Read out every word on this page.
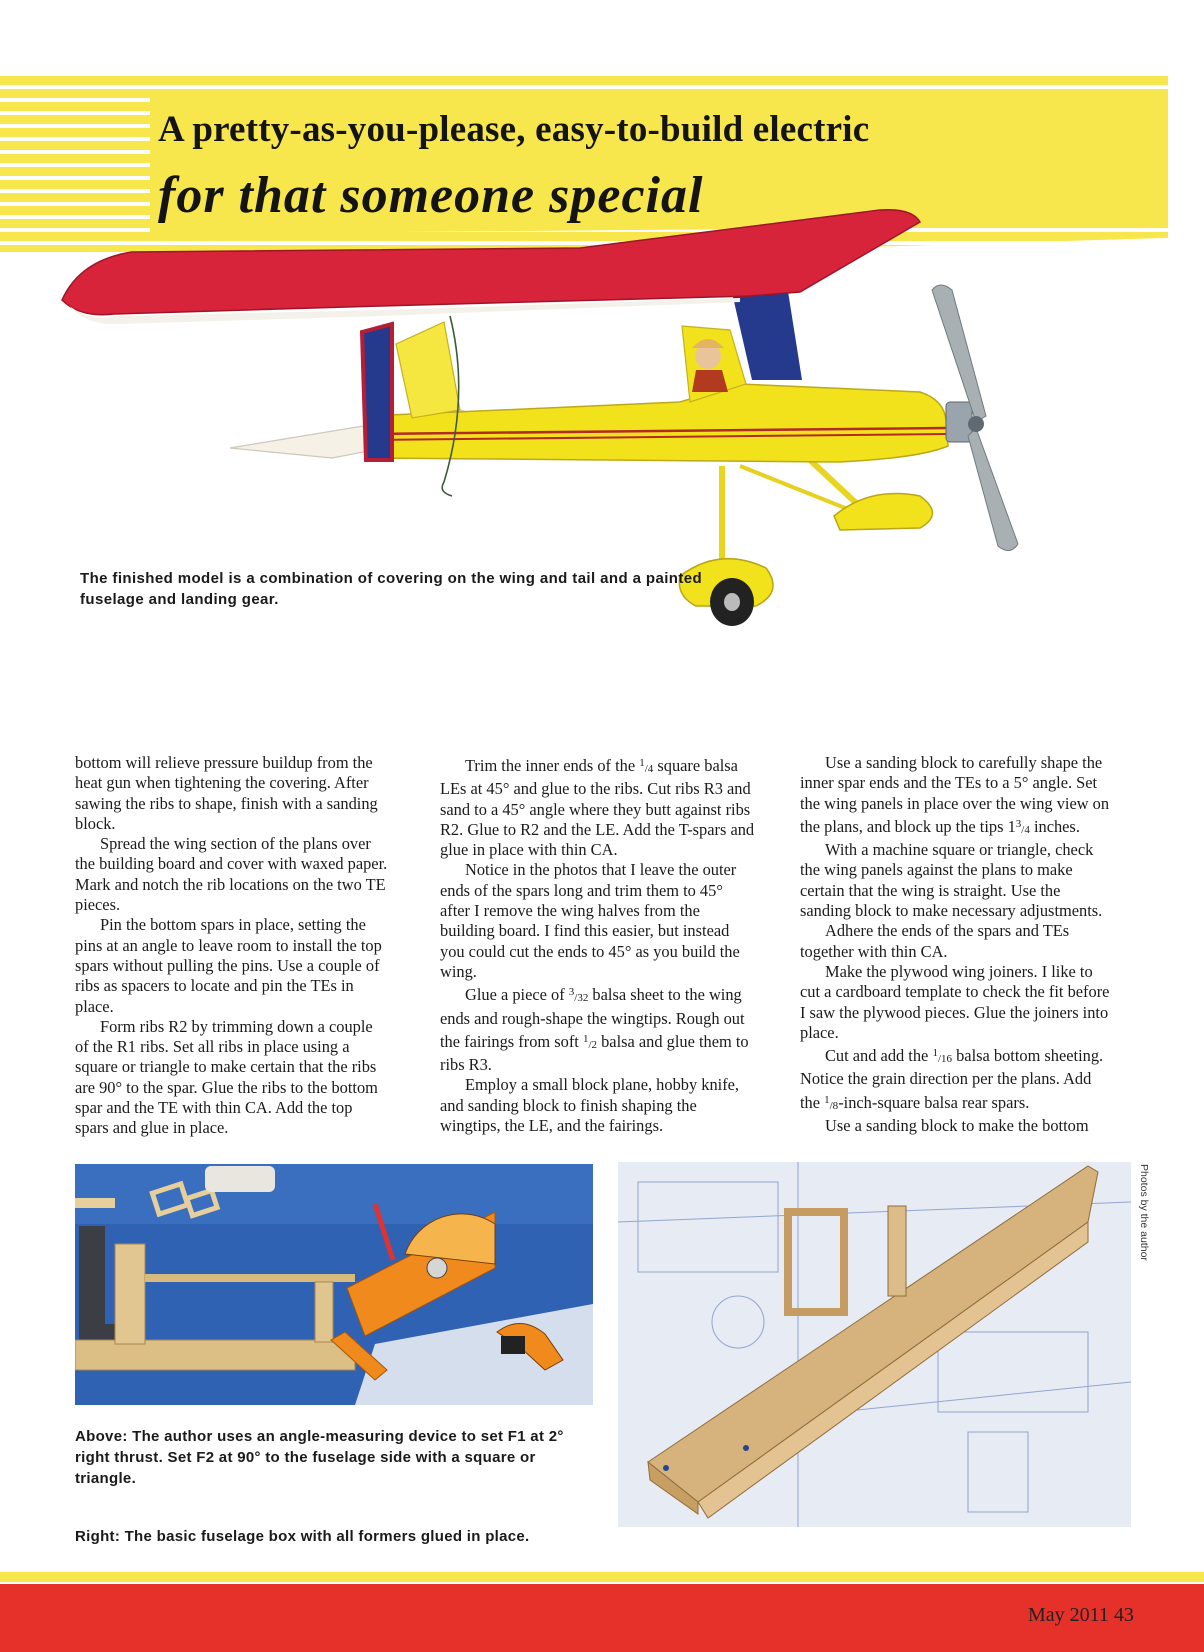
A pretty-as-you-please, easy-to-build electric
for that someone special

The finished model is a combination of covering on the wing and tail and a painted fuselage and landing gear.

bottom will relieve pressure buildup from the heat gun when tightening the covering. After sawing the ribs to shape, finish with a sanding block.

Spread the wing section of the plans over the building board and cover with waxed paper. Mark and notch the rib locations on the two TE pieces.

Pin the bottom spars in place, setting the pins at an angle to leave room to install the top spars without pulling the pins. Use a couple of ribs as spacers to locate and pin the TEs in place.

Form ribs R2 by trimming down a couple of the R1 ribs. Set all ribs in place using a square or triangle to make certain that the ribs are 90° to the spar. Glue the ribs to the bottom spar and the TE with thin CA. Add the top spars and glue in place.

Trim the inner ends of the $^1$/4 square balsa LEs at 45° and glue to the ribs. Cut ribs R3 and sand to a 45° angle where they butt against ribs R2. Glue to R2 and the LE. Add the T-spars and glue in place with thin CA.

Notice in the photos that I leave the outer ends of the spars long and trim them to 45° after I remove the wing halves from the building board. I find this easier, but instead you could cut the ends to 45° as you build the wing.

Glue a piece of $^3$/32 balsa sheet to the wing ends and rough-shape the wingtips. Rough out the fairings from soft $^1$/2 balsa and glue them to ribs R3.

Employ a small block plane, hobby knife, and sanding block to finish shaping the wingtips, the LE, and the fairings.

Use a sanding block to carefully shape the inner spar ends and the TEs to a 5° angle. Set the wing panels in place over the wing view on the plans, and block up the tips $1^3/4$ inches.

With a machine square or triangle, check the wing panels against the plans to make certain that the wing is straight. Use the sanding block to make necessary adjustments.

Adhere the ends of the spars and TEs together with thin CA.

Make the plywood wing joiners. I like to cut a cardboard template to check the fit before I saw the plywood pieces. Glue the joiners into place.

Cut and add the $^1$/16 balsa bottom sheeting. Notice the grain direction per the plans. Add the $^1$/8-inch-square balsa rear spars.

Use a sanding block to make the bottom

Photos by the author

Above: The author uses an angle-measuring device to set F1 at 2° right thrust. Set F2 at 90° to the fuselage side with a square or triangle.

Right: The basic fuselage box with all formers glued in place.

May 2011 43
